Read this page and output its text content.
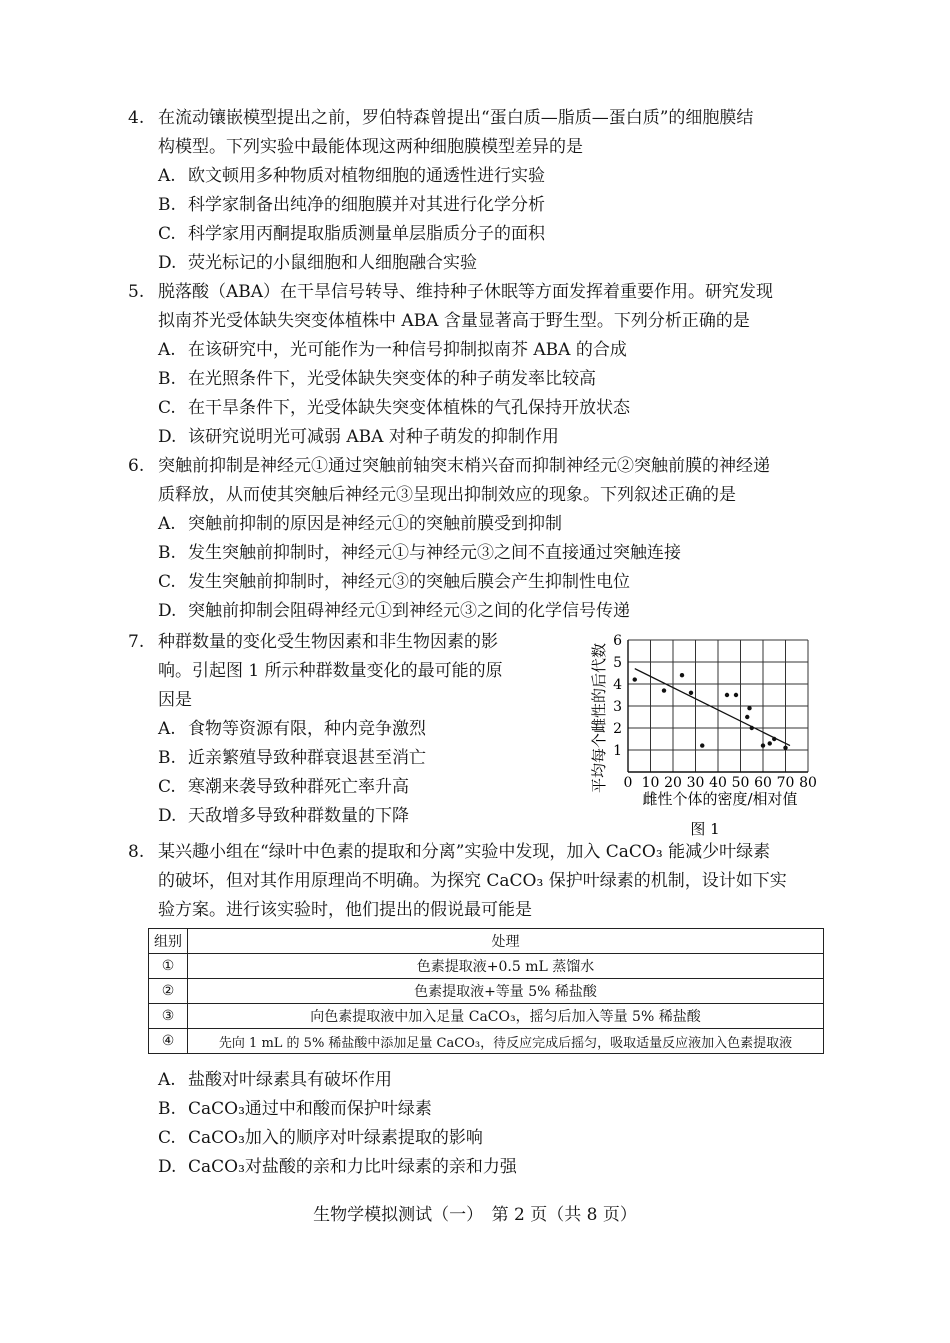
4. 在流动镶嵌模型提出之前，罗伯特森曾提出“蛋白质—脂质—蛋白质”的细胞膜结
构模型。下列实验中最能体现这两种细胞膜模型差异的是
A. 欧文顿用多种物质对植物细胞的通透性进行实验
B. 科学家制备出纯净的细胞膜并对其进行化学分析
C. 科学家用丙酮提取脂质测量单层脂质分子的面积
D. 荧光标记的小鼠细胞和人细胞融合实验
5. 脱落酸（ABA）在干旱信号转导、维持种子休眠等方面发挥着重要作用。研究发现
拟南芥光受体缺失突变体植株中 ABA 含量显著高于野生型。下列分析正确的是
A. 在该研究中，光可能作为一种信号抑制拟南芥 ABA 的合成
B. 在光照条件下，光受体缺失突变体的种子萌发率比较高
C. 在干旱条件下，光受体缺失突变体植株的气孔保持开放状态
D. 该研究说明光可减弱 ABA 对种子萌发的抑制作用
6. 突触前抑制是神经元①通过突触前轴突末梢兴奋而抑制神经元②突触前膜的神经递
质释放，从而使其突触后神经元③呈现出抑制效应的现象。下列叙述正确的是
A. 突触前抑制的原因是神经元①的突触前膜受到抑制
B. 发生突触前抑制时，神经元①与神经元③之间不直接通过突触连接
C. 发生突触前抑制时，神经元③的突触后膜会产生抑制性电位
D. 突触前抑制会阻碍神经元①到神经元③之间的化学信号传递
7. 种群数量的变化受生物因素和非生物因素的影
响。引起图 1 所示种群数量变化的最可能的原
因是
A. 食物等资源有限，种内竞争激烈
B. 近亲繁殖导致种群衰退甚至消亡
C. 寒潮来袭导致种群死亡率升高
D. 天敌增多导致种群数量的下降
0 10 20 30 40 50 60 70 80
1
2
3
4
5
6
平均每个雌性的后代数
雌性个体的密度/相对值
图 1
8. 某兴趣小组在“绿叶中色素的提取和分离”实验中发现，加入 CaCO₃ 能减少叶绿素
的破坏，但对其作用原理尚不明确。为探究 CaCO₃ 保护叶绿素的机制，设计如下实
验方案。进行该实验时，他们提出的假说最可能是
组别	处理
①	色素提取液+0.5 mL 蒸馏水
②	色素提取液+等量 5% 稀盐酸
③	向色素提取液中加入足量 CaCO₃，摇匀后加入等量 5% 稀盐酸
④	先向 1 mL 的 5% 稀盐酸中添加足量 CaCO₃，待反应完成后摇匀，吸取适量反应液加入色素提取液
A. 盐酸对叶绿素具有破坏作用
B. CaCO₃通过中和酸而保护叶绿素
C. CaCO₃加入的顺序对叶绿素提取的影响
D. CaCO₃对盐酸的亲和力比叶绿素的亲和力强
生物学模拟测试（一）　第 2 页（共 8 页）
